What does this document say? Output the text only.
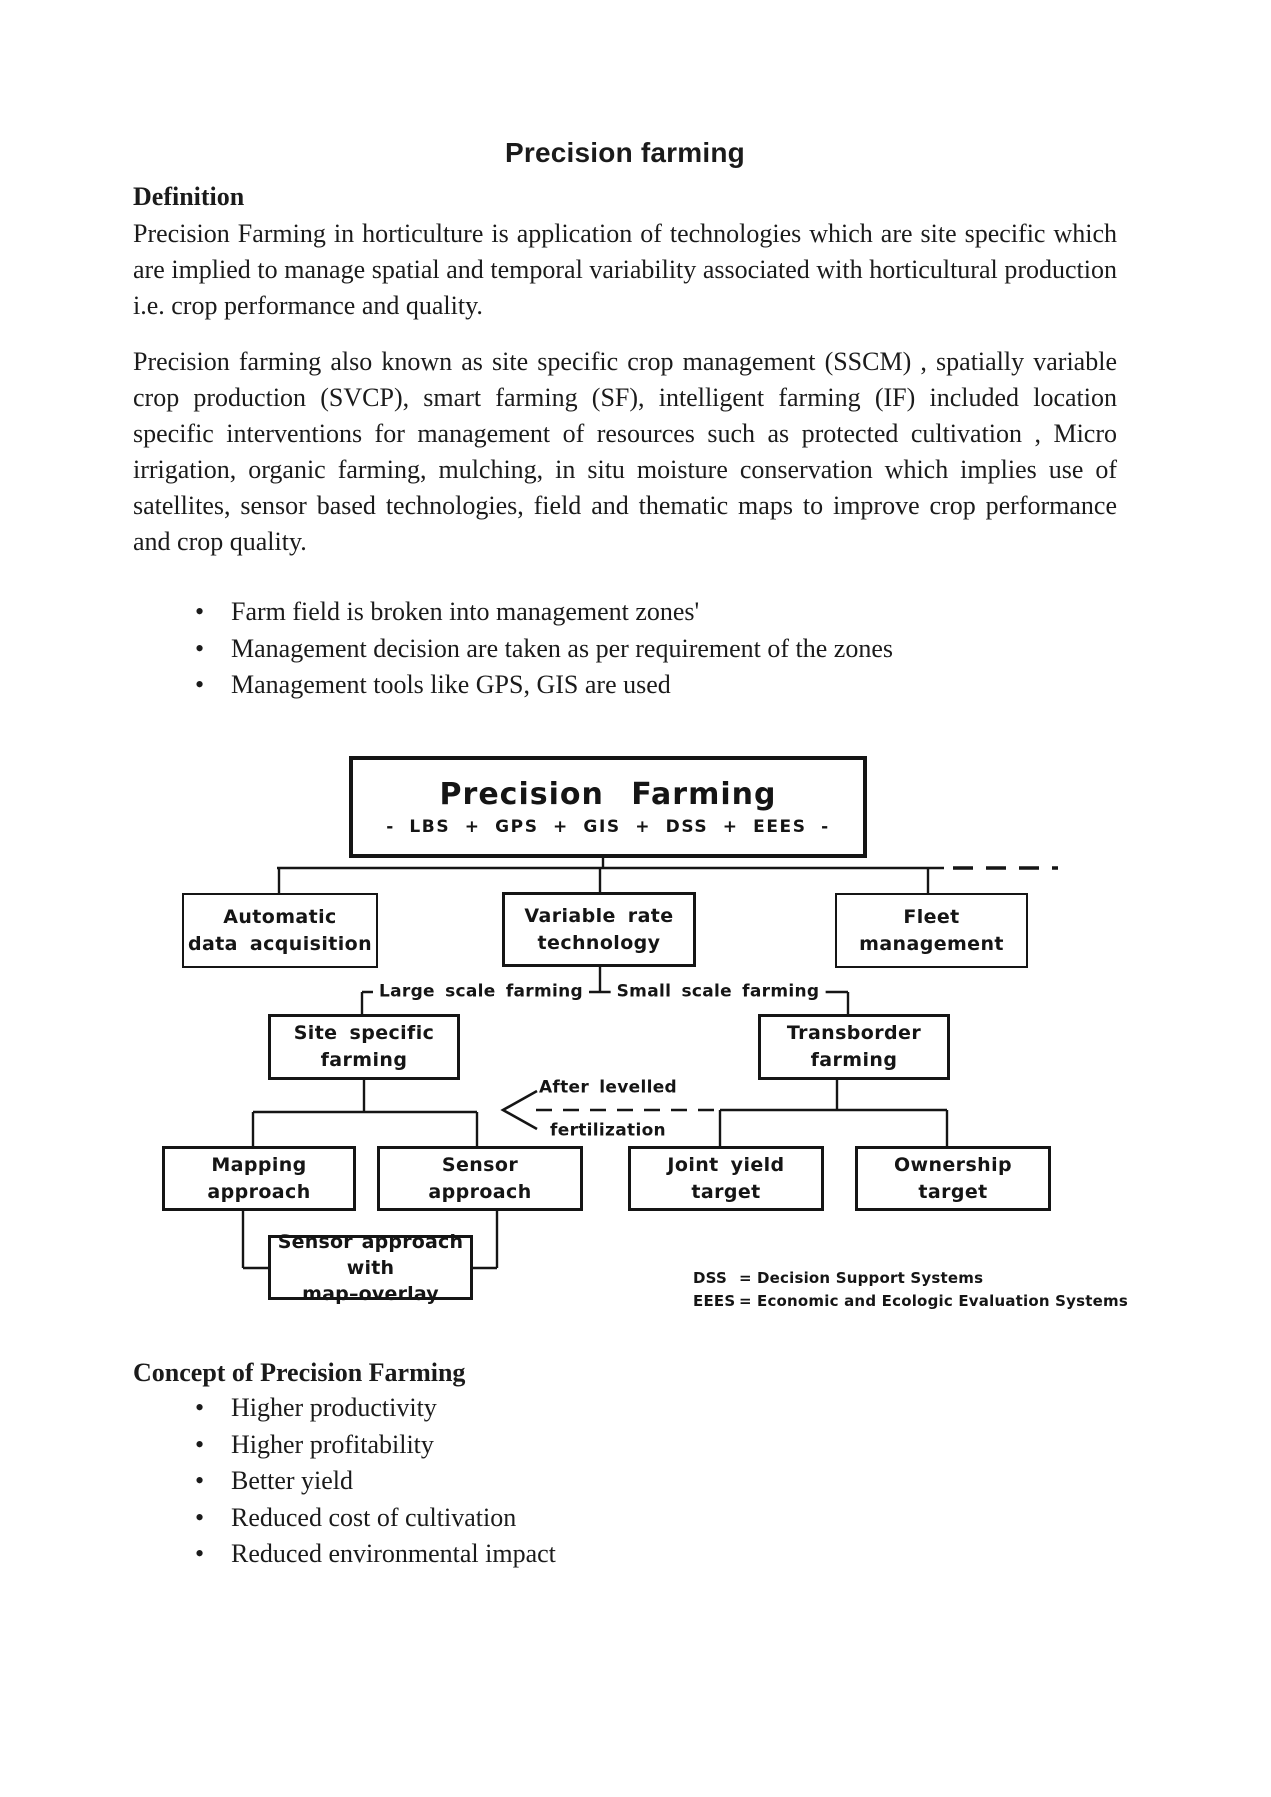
Precision farming
Definition
Precision Farming in horticulture is application of technologies which are site specific which are implied to manage spatial and temporal variability associated with horticultural production i.e. crop performance and quality.
Precision farming also known as site specific crop management (SSCM) , spatially variable crop production (SVCP), smart farming (SF), intelligent farming (IF) included location specific interventions for management of resources such as protected cultivation , Micro irrigation, organic farming, mulching, in situ moisture conservation which implies use of satellites, sensor based technologies, field and thematic maps to improve crop performance and crop quality.
• Farm field is broken into management zones'
• Management decision are taken as per requirement of the zones
• Management tools like GPS, GIS are used
Precision Farming
- LBS + GPS + GIS + DSS + EEES -
Automatic
data acquisition
Variable rate
technology
Fleet
management
Large scale farming	Small scale farming
Site specific
farming
Transborder
farming
After levelled
fertilization
Mapping
approach
Sensor
approach
Joint yield
target
Ownership
target
Sensor approach with
map–overlay
DSS = Decision Support Systems
EEES = Economic and Ecologic Evaluation Systems
Concept of Precision Farming
• Higher productivity
• Higher profitability
• Better yield
• Reduced cost of cultivation
• Reduced environmental impact
